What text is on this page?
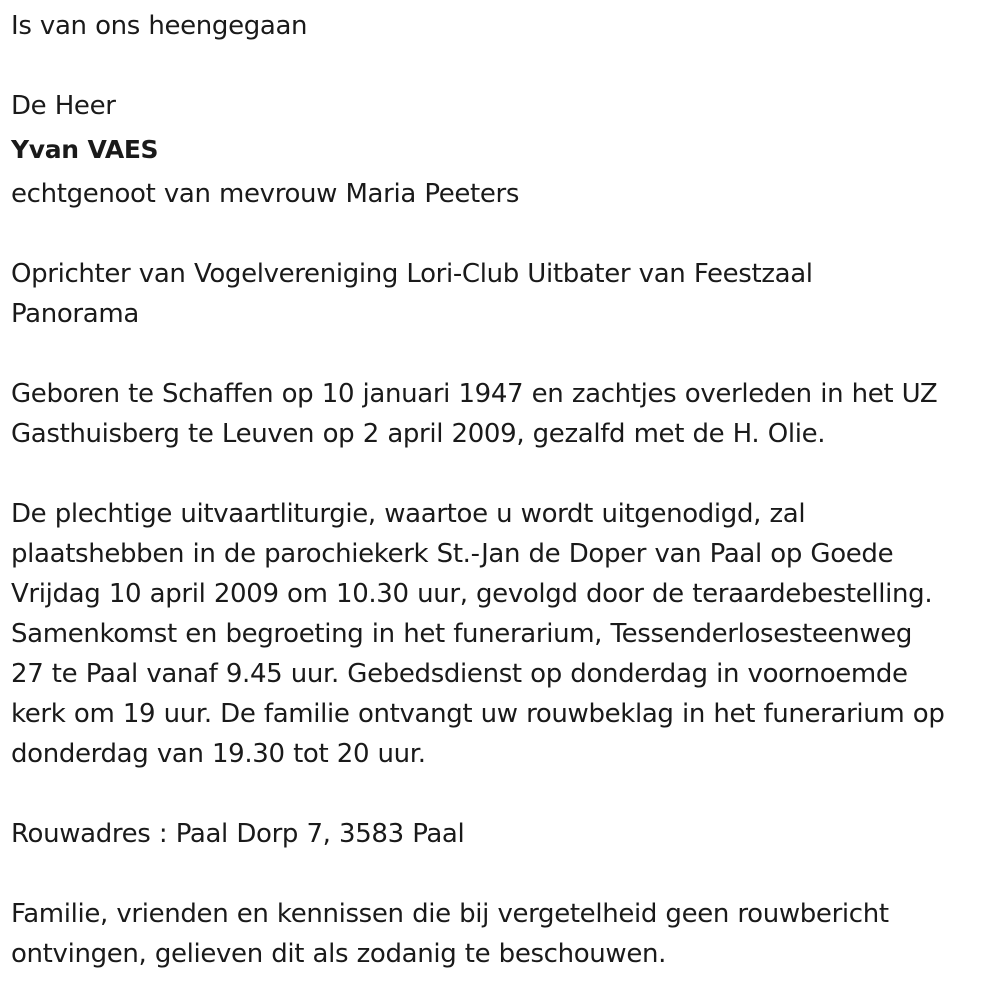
Is van ons heengegaan

De Heer

Yvan VAES

echtgenoot van mevrouw Maria Peeters

Oprichter van Vogelvereniging Lori-Club Uitbater van Feestzaal

Panorama

Geboren te Schaffen op 10 januari 1947 en zachtjes overleden in het UZ

Gasthuisberg te Leuven op 2 april 2009, gezalfd met de H. Olie.

De plechtige uitvaartliturgie, waartoe u wordt uitgenodigd, zal

plaatshebben in de parochiekerk St.-Jan de Doper van Paal op Goede

Vrijdag 10 april 2009 om 10.30 uur, gevolgd door de teraardebestelling.

Samenkomst en begroeting in het funerarium, Tessenderlosesteenweg

27 te Paal vanaf 9.45 uur. Gebedsdienst op donderdag in voornoemde

kerk om 19 uur. De familie ontvangt uw rouwbeklag in het funerarium op

donderdag van 19.30 tot 20 uur.

Rouwadres : Paal Dorp 7, 3583 Paal

Familie, vrienden en kennissen die bij vergetelheid geen rouwbericht

ontvingen, gelieven dit als zodanig te beschouwen.
